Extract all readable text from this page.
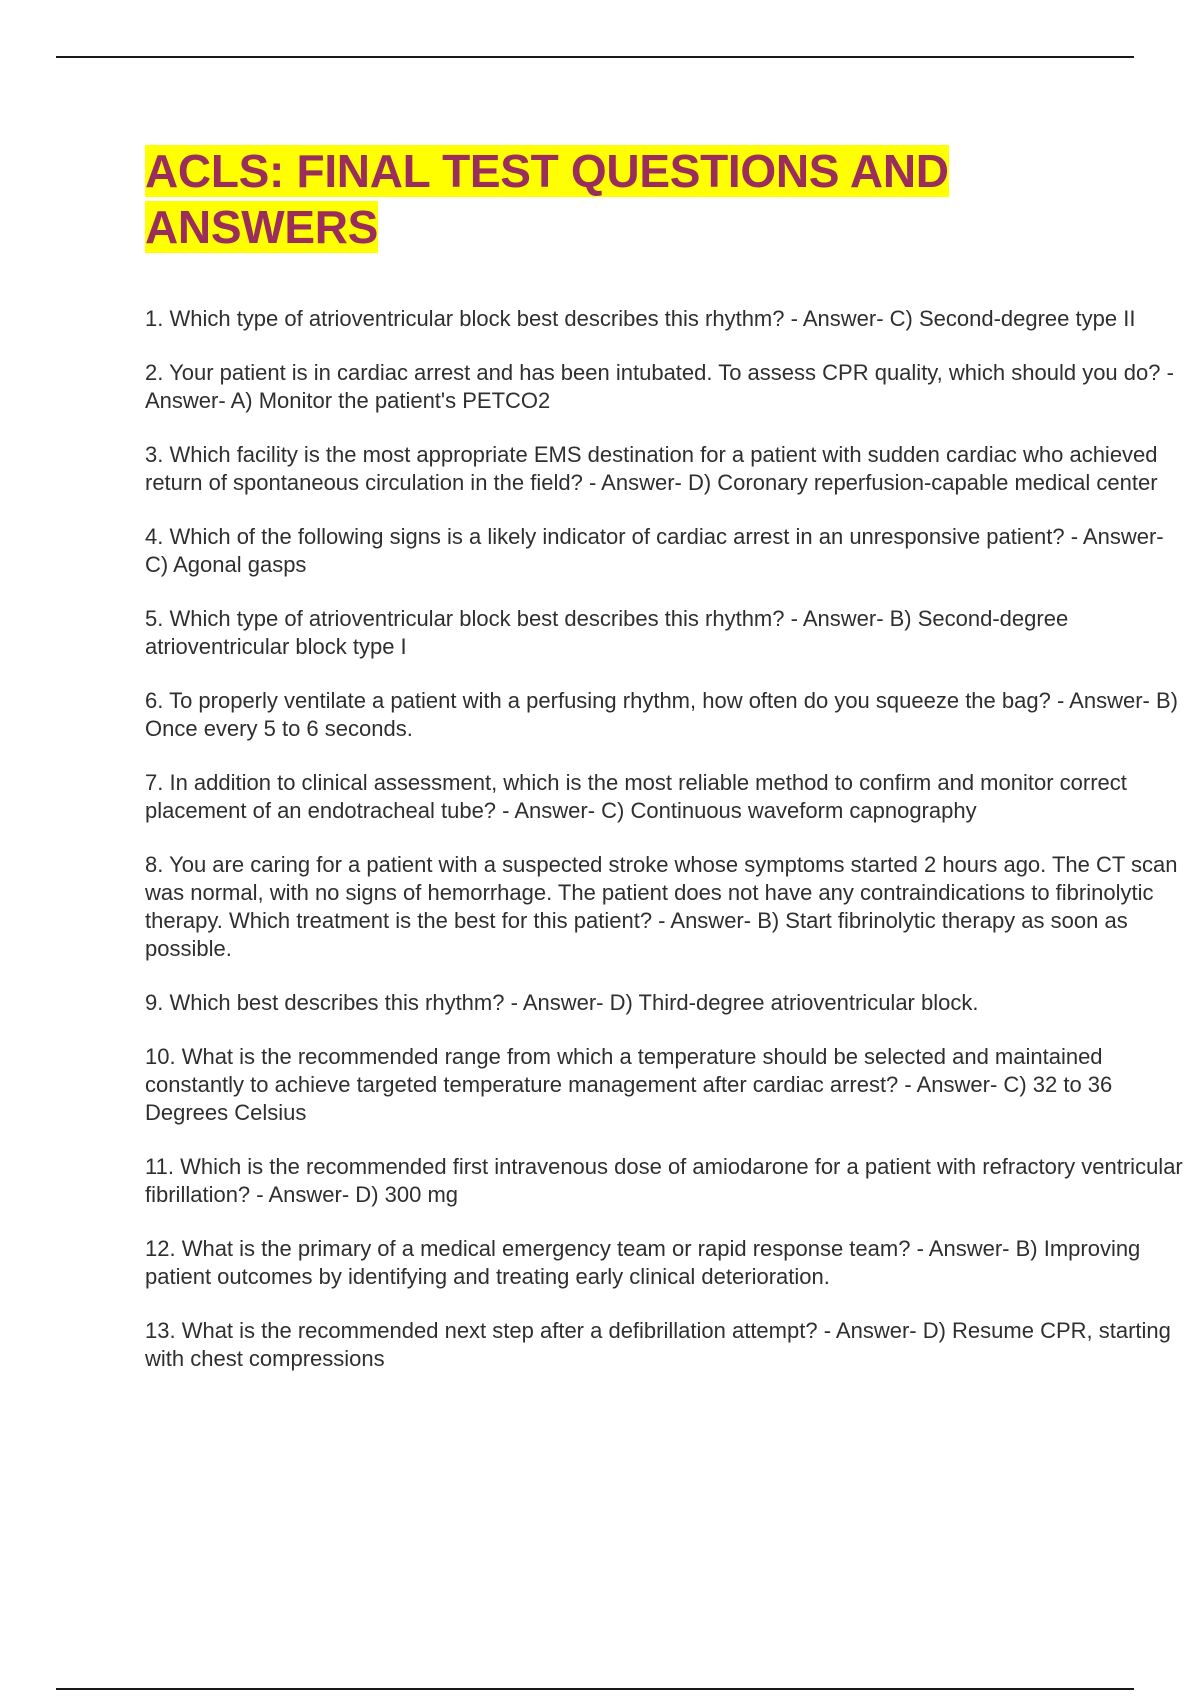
ACLS: FINAL TEST QUESTIONS AND ANSWERS
1. Which type of atrioventricular block best describes this rhythm? - Answer- C) Second-degree type II
2. Your patient is in cardiac arrest and has been intubated. To assess CPR quality, which should you do? - Answer- A) Monitor the patient's PETCO2
3. Which facility is the most appropriate EMS destination for a patient with sudden cardiac who achieved return of spontaneous circulation in the field? - Answer- D) Coronary reperfusion-capable medical center
4. Which of the following signs is a likely indicator of cardiac arrest in an unresponsive patient? - Answer- C) Agonal gasps
5. Which type of atrioventricular block best describes this rhythm? - Answer- B) Second-degree atrioventricular block type I
6. To properly ventilate a patient with a perfusing rhythm, how often do you squeeze the bag? - Answer- B) Once every 5 to 6 seconds.
7. In addition to clinical assessment, which is the most reliable method to confirm and monitor correct placement of an endotracheal tube? - Answer- C) Continuous waveform capnography
8. You are caring for a patient with a suspected stroke whose symptoms started 2 hours ago. The CT scan was normal, with no signs of hemorrhage. The patient does not have any contraindications to fibrinolytic therapy. Which treatment is the best for this patient? - Answer- B) Start fibrinolytic therapy as soon as possible.
9. Which best describes this rhythm? - Answer- D) Third-degree atrioventricular block.
10. What is the recommended range from which a temperature should be selected and maintained constantly to achieve targeted temperature management after cardiac arrest? - Answer- C) 32 to 36 Degrees Celsius
11. Which is the recommended first intravenous dose of amiodarone for a patient with refractory ventricular fibrillation? - Answer- D) 300 mg
12. What is the primary of a medical emergency team or rapid response team? - Answer- B) Improving patient outcomes by identifying and treating early clinical deterioration.
13. What is the recommended next step after a defibrillation attempt? - Answer- D) Resume CPR, starting with chest compressions
